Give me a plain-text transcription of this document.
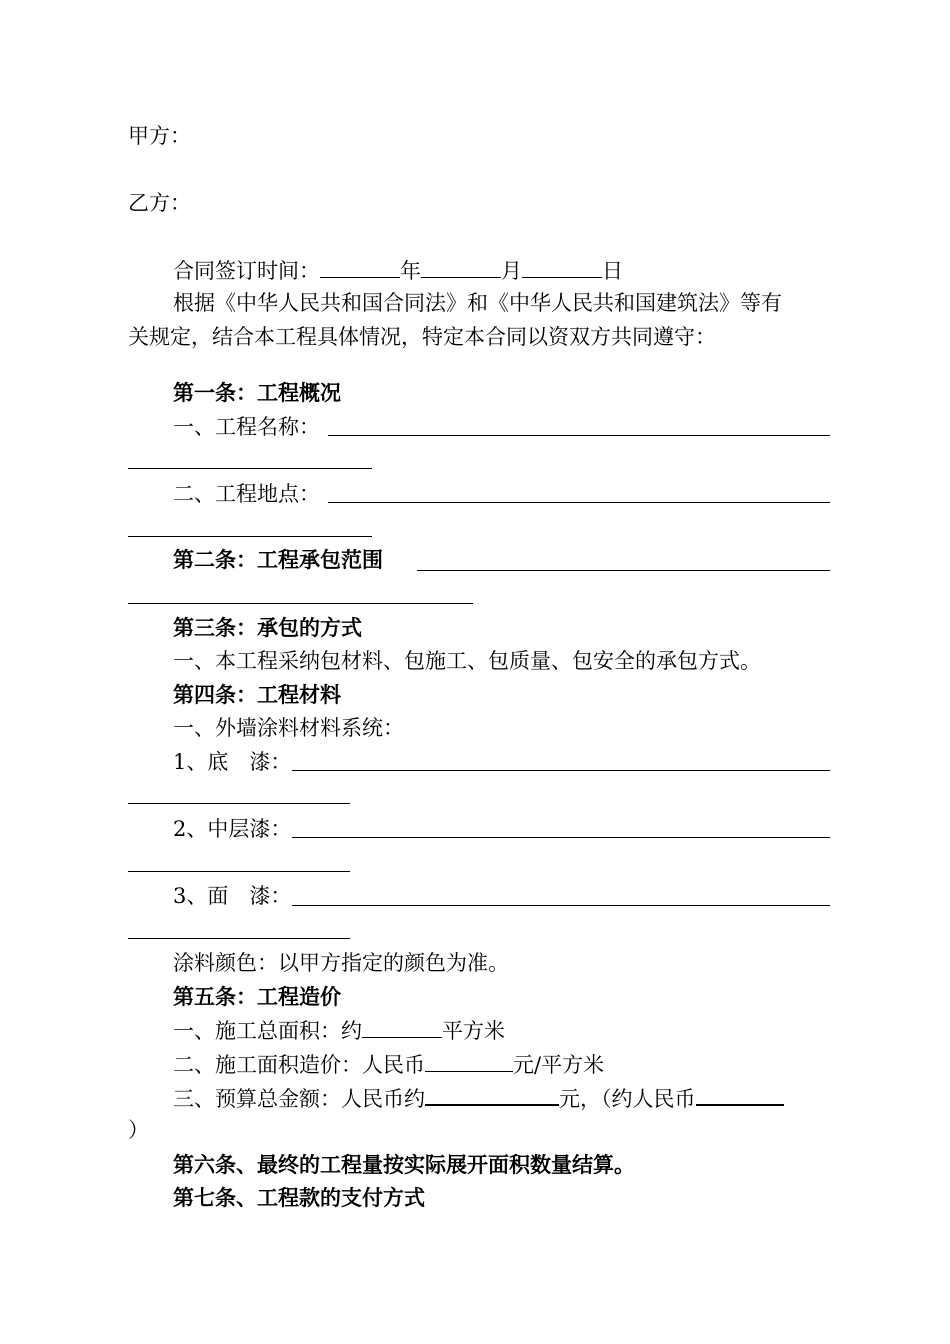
甲方：
乙方：
合同签订时间：	年	月	日
根据《中华人民共和国合同法》和《中华人民共和国建筑法》等有
关规定，结合本工程具体情况，特定本合同以资双方共同遵守：
第一条：工程概况
一、工程名称：
二、工程地点：
第二条：工程承包范围
第三条：承包的方式
一、本工程采纳包材料、包施工、包质量、包安全的承包方式。
第四条：工程材料
一、外墙涂料材料系统：
1、底　漆：
2、中层漆：
3、面　漆：
涂料颜色：以甲方指定的颜色为准。
第五条：工程造价
一、施工总面积：约	平方米
二、施工面积造价：人民币	元/平方米
三、预算总金额：人民币约	元，（约人民币
）
第六条、最终的工程量按实际展开面积数量结算。
第七条、工程款的支付方式
